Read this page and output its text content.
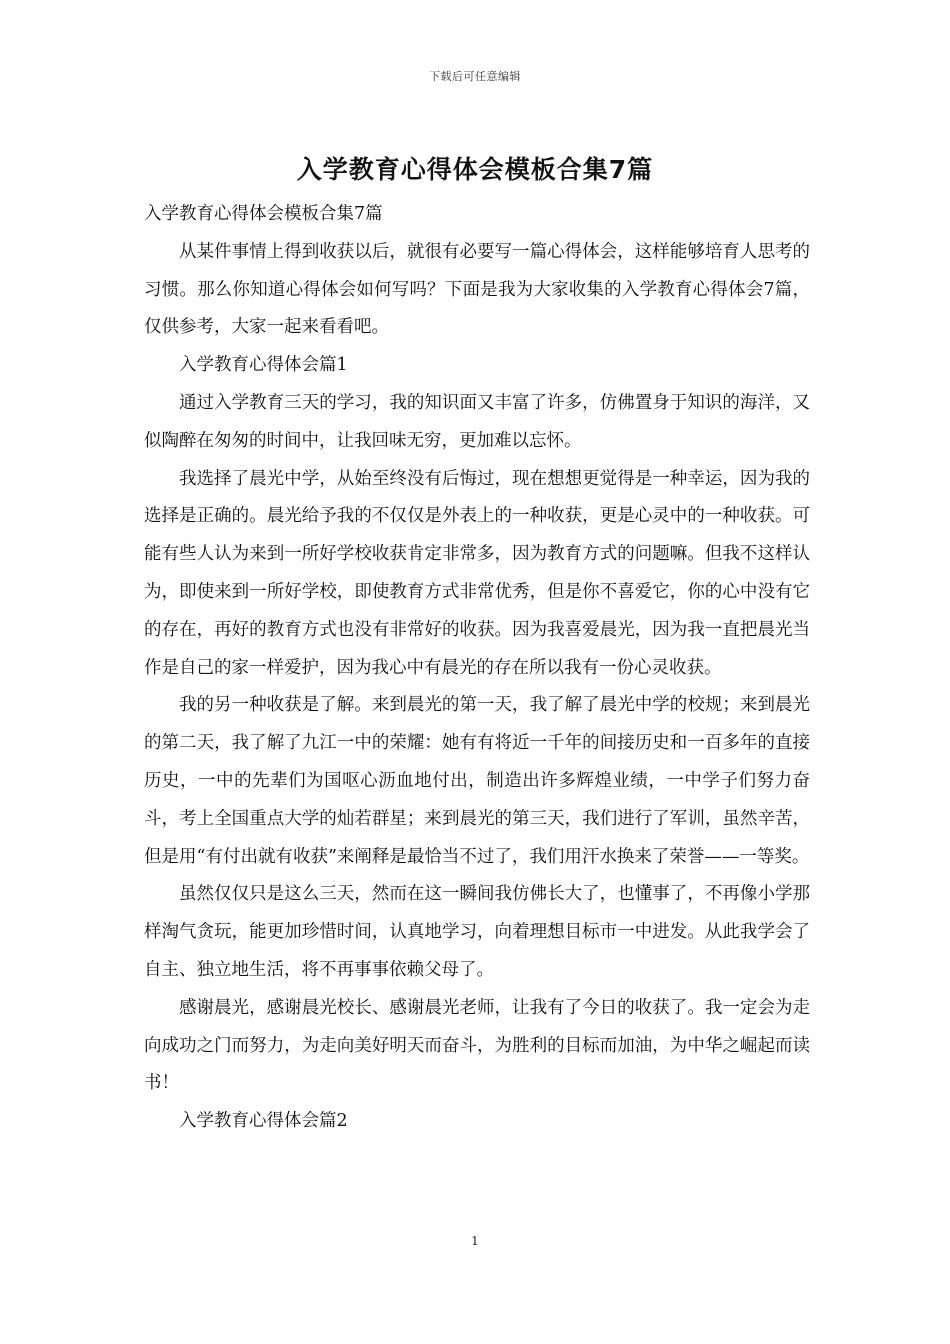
下载后可任意编辑
入学教育心得体会模板合集7篇

入学教育心得体会模板合集7篇

从某件事情上得到收获以后，就很有必要写一篇心得体会，这样能够培育人思考的习惯。那么你知道心得体会如何写吗？下面是我为大家收集的入学教育心得体会7篇，仅供参考，大家一起来看看吧。

入学教育心得体会篇1

通过入学教育三天的学习，我的知识面又丰富了许多，仿佛置身于知识的海洋，又似陶醉在匆匆的时间中，让我回味无穷，更加难以忘怀。

我选择了晨光中学，从始至终没有后悔过，现在想想更觉得是一种幸运，因为我的选择是正确的。晨光给予我的不仅仅是外表上的一种收获，更是心灵中的一种收获。可能有些人认为来到一所好学校收获肯定非常多，因为教育方式的问题嘛。但我不这样认为，即使来到一所好学校，即使教育方式非常优秀，但是你不喜爱它，你的心中没有它的存在，再好的教育方式也没有非常好的收获。因为我喜爱晨光，因为我一直把晨光当作是自己的家一样爱护，因为我心中有晨光的存在所以我有一份心灵收获。

我的另一种收获是了解。来到晨光的第一天，我了解了晨光中学的校规；来到晨光的第二天，我了解了九江一中的荣耀：她有有将近一千年的间接历史和一百多年的直接历史，一中的先辈们为国呕心沥血地付出，制造出许多辉煌业绩，一中学子们努力奋斗，考上全国重点大学的灿若群星；来到晨光的第三天，我们进行了军训，虽然辛苦，但是用“有付出就有收获”来阐释是最恰当不过了，我们用汗水换来了荣誉——一等奖。

虽然仅仅只是这么三天，然而在这一瞬间我仿佛长大了，也懂事了，不再像小学那样淘气贪玩，能更加珍惜时间，认真地学习，向着理想目标市一中进发。从此我学会了自主、独立地生活，将不再事事依赖父母了。

感谢晨光，感谢晨光校长、感谢晨光老师，让我有了今日的收获了。我一定会为走向成功之门而努力，为走向美好明天而奋斗，为胜利的目标而加油，为中华之崛起而读书！

入学教育心得体会篇2

1
